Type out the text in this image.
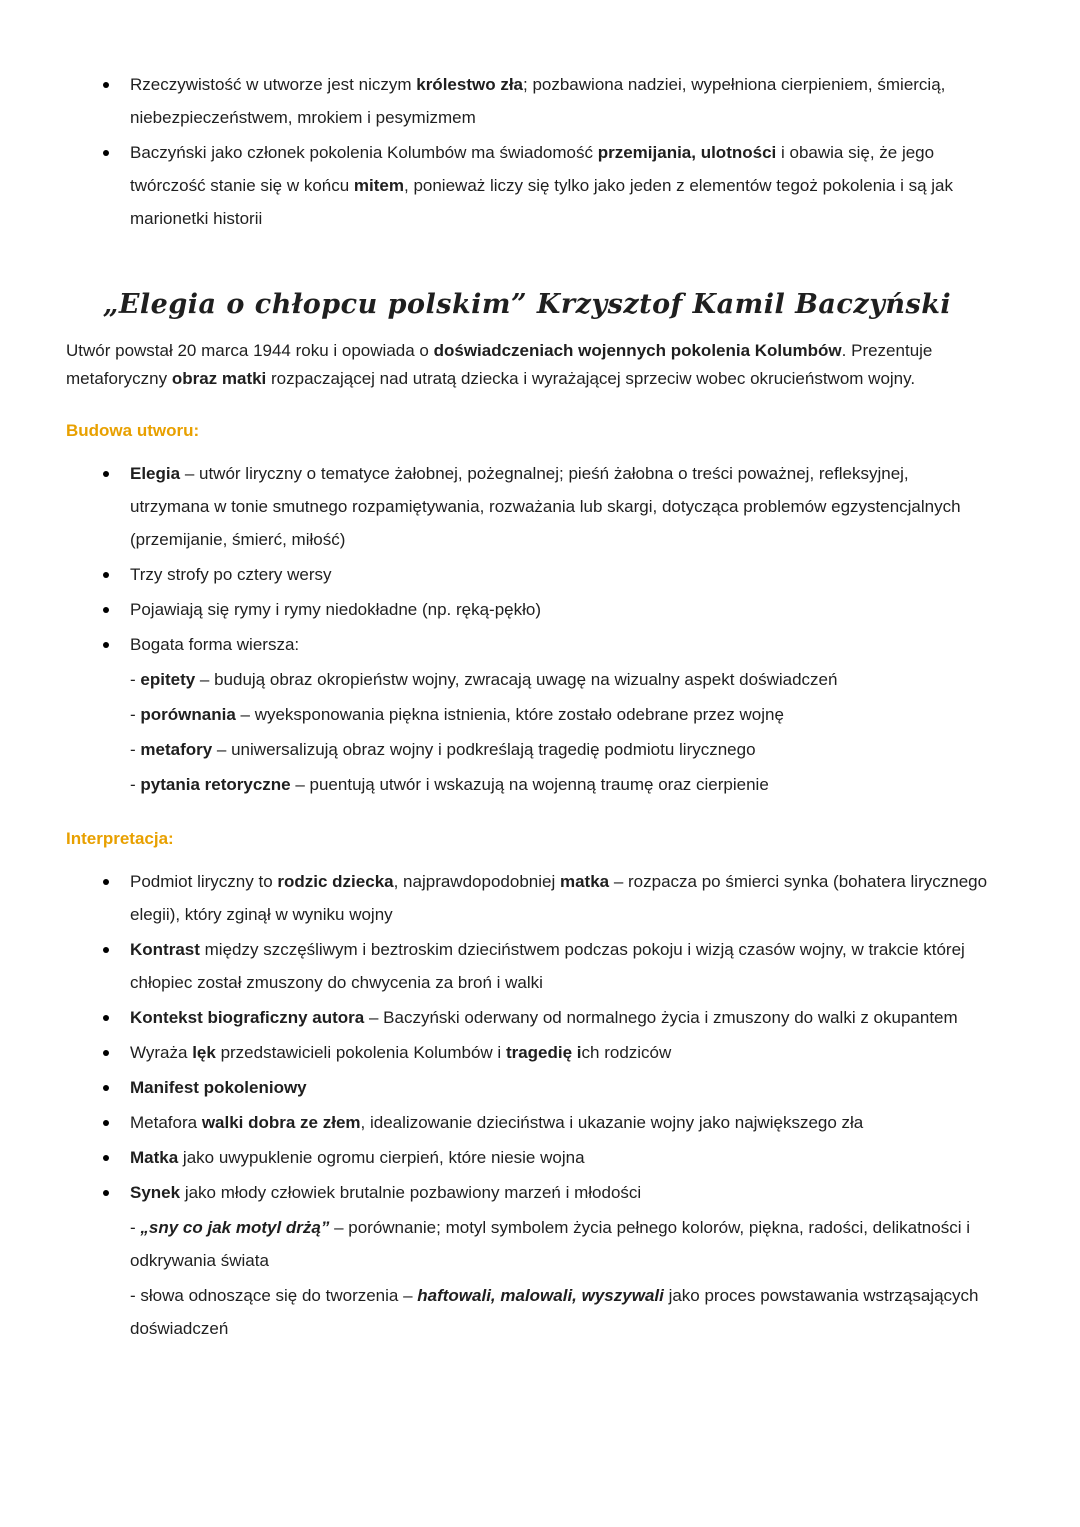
Rzeczywistość w utworze jest niczym królestwo zła; pozbawiona nadziei, wypełniona cierpieniem, śmiercią, niebezpieczeństwem, mrokiem i pesymizmem
Baczyński jako członek pokolenia Kolumbów ma świadomość przemijania, ulotności i obawia się, że jego twórczość stanie się w końcu mitem, ponieważ liczy się tylko jako jeden z elementów tegoż pokolenia i są jak marionetki historii
„Elegia o chłopcu polskim” Krzysztof Kamil Baczyński
Utwór powstał 20 marca 1944 roku i opowiada o doświadczeniach wojennych pokolenia Kolumbów. Prezentuje metaforyczny obraz matki rozpaczającej nad utratą dziecka i wyrażającej sprzeciw wobec okrucieństwom wojny.
Budowa utworu:
Elegia – utwór liryczny o tematyce żałobnej, pożegnalnej; pieśń żałobna o treści poważnej, refleksyjnej, utrzymana w tonie smutnego rozpamiętywania, rozważania lub skargi, dotycząca problemów egzystencjalnych (przemijanie, śmierć, miłość)
Trzy strofy po cztery wersy
Pojawiają się rymy i rymy niedokładne (np. ręką-pękło)
Bogata forma wiersza:
- epitety – budują obraz okropieństw wojny, zwracają uwagę na wizualny aspekt doświadczeń
- porównania – wyeksponowania piękna istnienia, które zostało odebrane przez wojnę
- metafory – uniwersalizują obraz wojny i podkreślają tragedię podmiotu lirycznego
- pytania retoryczne – puentują utwór i wskazują na wojenną traumę oraz cierpienie
Interpretacja:
Podmiot liryczny to rodzic dziecka, najprawdopodobniej matka – rozpacza po śmierci synka (bohatera lirycznego elegii), który zginął w wyniku wojny
Kontrast między szczęśliwym i beztroskim dzieciństwem podczas pokoju i wizją czasów wojny, w trakcie której chłopiec został zmuszony do chwycenia za broń i walki
Kontekst biograficzny autora – Baczyński oderwany od normalnego życia i zmuszony do walki z okupantem
Wyraża lęk przedstawicieli pokolenia Kolumbów i tragedię ich rodziców
Manifest pokoleniowy
Metafora walki dobra ze złem, idealizowanie dzieciństwa i ukazanie wojny jako największego zła
Matka jako uwypuklenie ogromu cierpień, które niesie wojna
Synek jako młody człowiek brutalnie pozbawiony marzeń i młodości
- „sny co jak motyl drżą” – porównanie; motyl symbolem życia pełnego kolorów, piękna, radości, delikatności i odkrywania świata
- słowa odnoszące się do tworzenia – haftowali, malowali, wyszywali jako proces powstawania wstrząsających doświadczeń
